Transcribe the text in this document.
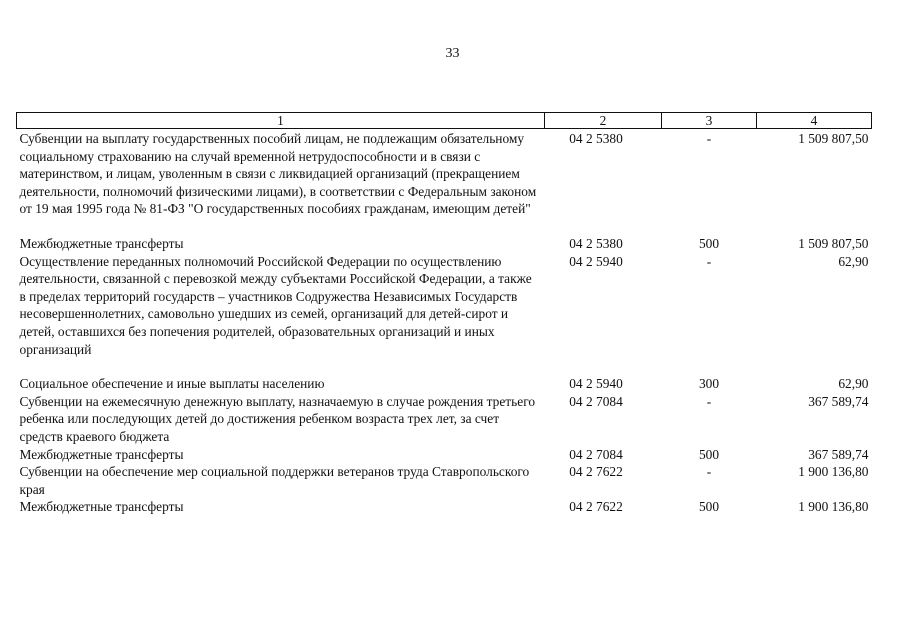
33
1	2	3	4
Субвенции на выплату государственных пособий лицам, не подлежащим обязательному социальному страхованию на случай временной нетрудоспособности и в связи с материнством, и лицам, уволенным в связи с ликвидацией организаций (прекращением деятельности, полномочий физическими лицами), в соответствии с Федеральным законом от 19 мая 1995 года № 81-ФЗ "О государственных пособиях гражданам, имеющим детей"	04 2 5380	-	1 509 807,50
Межбюджетные трансферты	04 2 5380	500	1 509 807,50
Осуществление переданных полномочий Российской Федерации по осуществлению деятельности, связанной с перевозкой между субъектами Российской Федерации, а также в пределах территорий государств – участников Содружества Независимых Государств несовершеннолетних, самовольно ушедших из семей, организаций для детей-сирот и детей, оставшихся без попечения родителей, образовательных организаций и иных организаций	04 2 5940	-	62,90
Социальное обеспечение и иные выплаты населению	04 2 5940	300	62,90
Субвенции на ежемесячную денежную выплату, назначаемую в случае рождения третьего ребенка или последующих детей до достижения ребенком возраста трех лет, за счет средств краевого бюджета	04 2 7084	-	367 589,74
Межбюджетные трансферты	04 2 7084	500	367 589,74
Субвенции на обеспечение мер социальной поддержки ветеранов труда Ставропольского края	04 2 7622	-	1 900 136,80
Межбюджетные трансферты	04 2 7622	500	1 900 136,80
